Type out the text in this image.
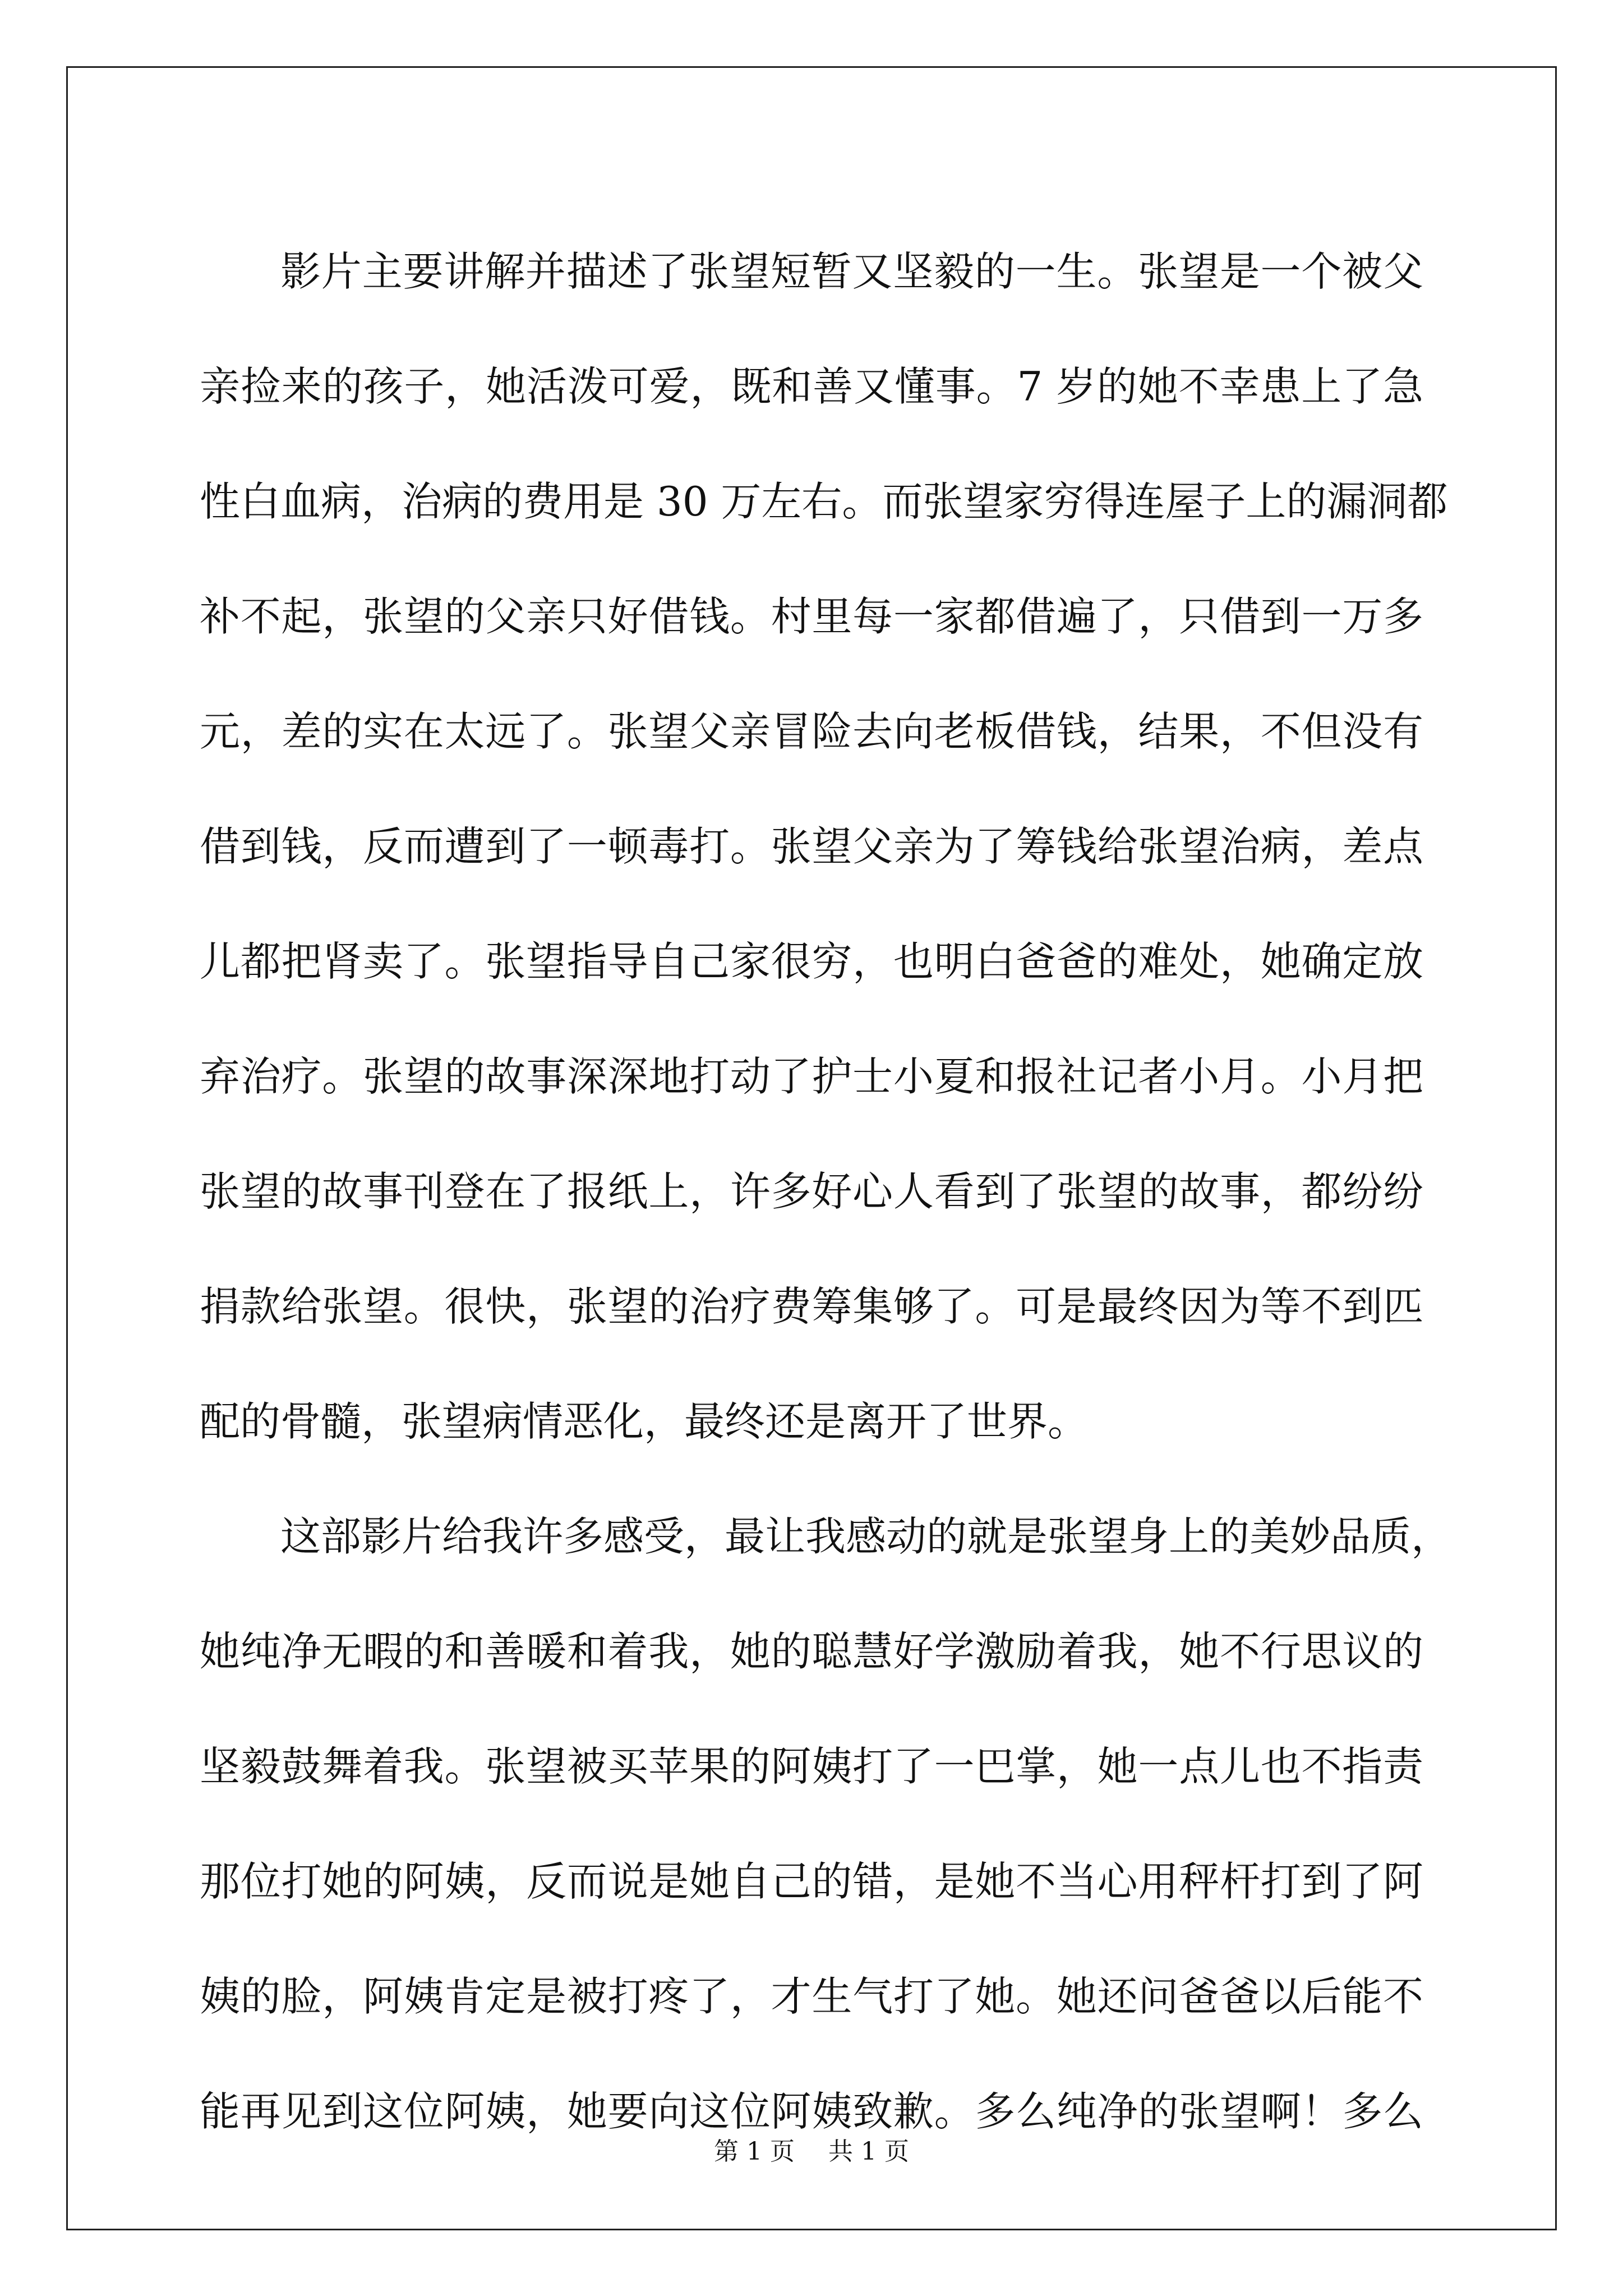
影片主要讲解并描述了张望短暂又坚毅的一生。张望是一个被父
亲捡来的孩子，她活泼可爱，既和善又懂事。7 岁的她不幸患上了急
性白血病，治病的费用是 30 万左右。而张望家穷得连屋子上的漏洞都
补不起，张望的父亲只好借钱。村里每一家都借遍了，只借到一万多
元，差的实在太远了。张望父亲冒险去向老板借钱，结果，不但没有
借到钱，反而遭到了一顿毒打。张望父亲为了筹钱给张望治病，差点
儿都把肾卖了。张望指导自己家很穷，也明白爸爸的难处，她确定放
弃治疗。张望的故事深深地打动了护士小夏和报社记者小月。小月把
张望的故事刊登在了报纸上，许多好心人看到了张望的故事，都纷纷
捐款给张望。很快，张望的治疗费筹集够了。可是最终因为等不到匹
配的骨髓，张望病情恶化，最终还是离开了世界。
这部影片给我许多感受，最让我感动的就是张望身上的美妙品质，
她纯净无暇的和善暖和着我，她的聪慧好学激励着我，她不行思议的
坚毅鼓舞着我。张望被买苹果的阿姨打了一巴掌，她一点儿也不指责
那位打她的阿姨，反而说是她自己的错，是她不当心用秤杆打到了阿
姨的脸，阿姨肯定是被打疼了，才生气打了她。她还问爸爸以后能不
能再见到这位阿姨，她要向这位阿姨致歉。多么纯净的张望啊！多么
第 1 页 共 1 页
